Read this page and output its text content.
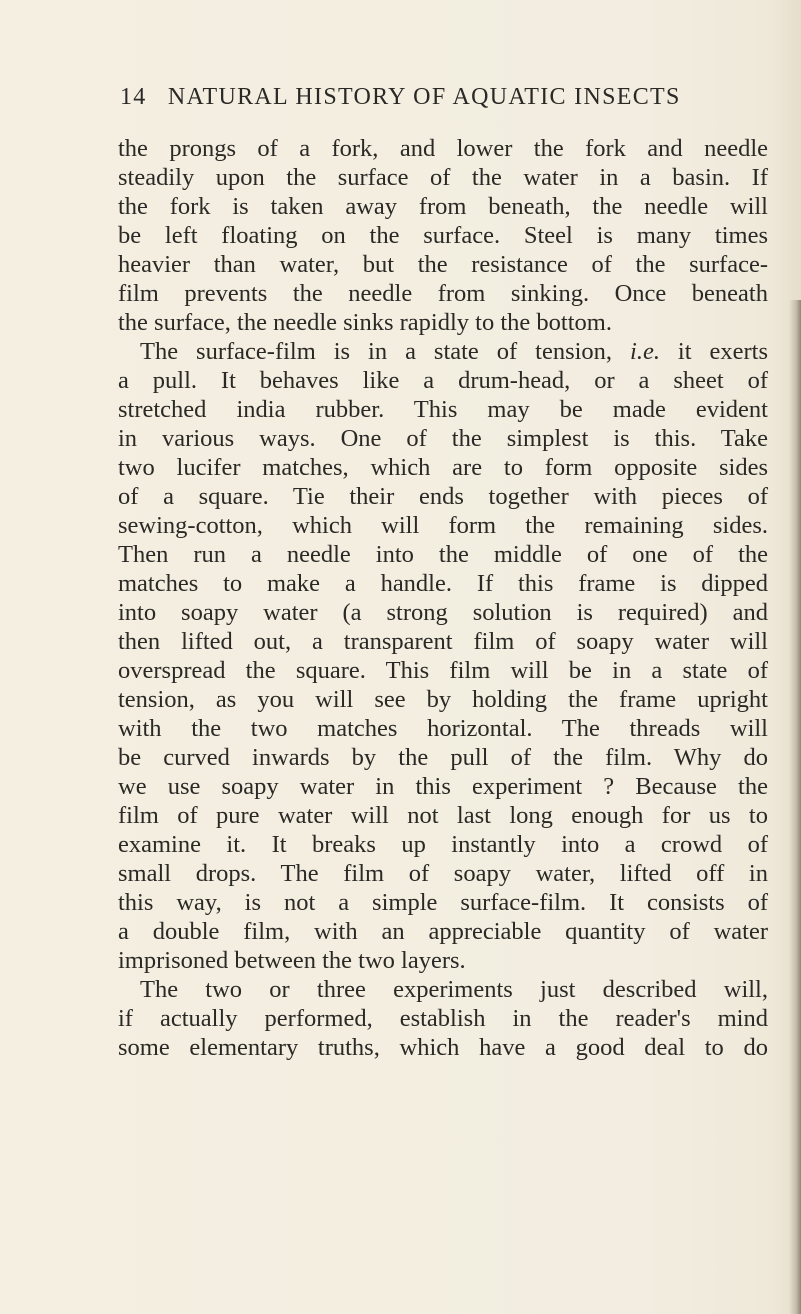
14 NATURAL HISTORY OF AQUATIC INSECTS
the prongs of a fork, and lower the fork and needle
steadily upon the surface of the water in a basin. If
the fork is taken away from beneath, the needle will
be left floating on the surface. Steel is many times
heavier than water, but the resistance of the surface-
film prevents the needle from sinking. Once beneath
the surface, the needle sinks rapidly to the bottom.
The surface-film is in a state of tension, i.e. it exerts
a pull. It behaves like a drum-head, or a sheet of
stretched india rubber. This may be made evident
in various ways. One of the simplest is this. Take
two lucifer matches, which are to form opposite sides
of a square. Tie their ends together with pieces of
sewing-cotton, which will form the remaining sides.
Then run a needle into the middle of one of the
matches to make a handle. If this frame is dipped
into soapy water (a strong solution is required) and
then lifted out, a transparent film of soapy water will
overspread the square. This film will be in a state of
tension, as you will see by holding the frame upright
with the two matches horizontal. The threads will
be curved inwards by the pull of the film. Why do
we use soapy water in this experiment ? Because the
film of pure water will not last long enough for us to
examine it. It breaks up instantly into a crowd of
small drops. The film of soapy water, lifted off in
this way, is not a simple surface-film. It consists of
a double film, with an appreciable quantity of water
imprisoned between the two layers.
The two or three experiments just described will,
if actually performed, establish in the reader's mind
some elementary truths, which have a good deal to do
